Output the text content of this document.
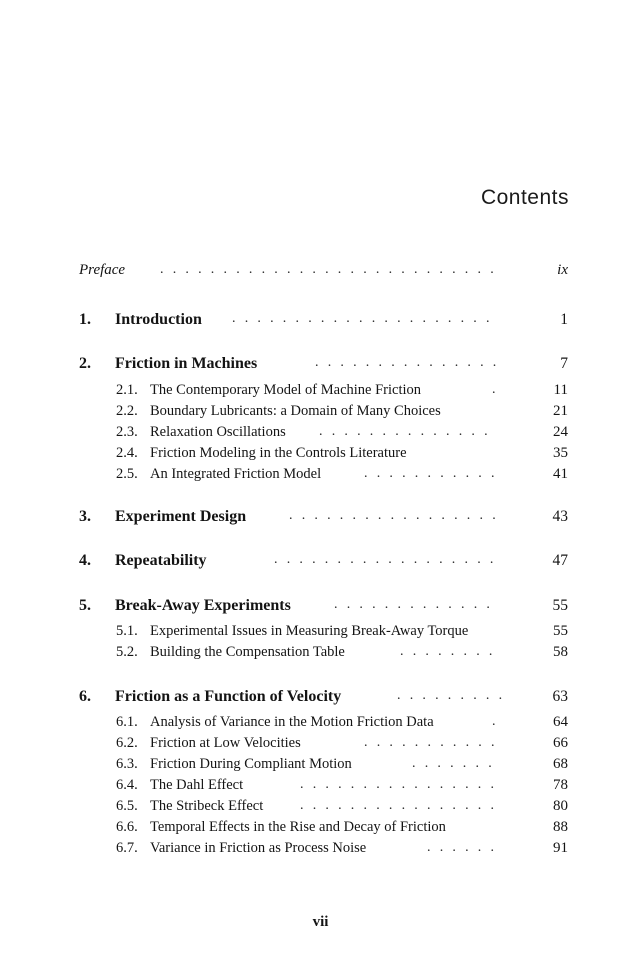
Contents
Preface ...........................	ix
1. Introduction .....................	1
2. Friction in Machines	...............	7
2.1. The Contemporary Model of Machine Friction	.	11
2.2. Boundary Lubricants: a Domain of Many Choices	21
2.3. Relaxation Oscillations ..............	24
2.4. Friction Modeling in the Controls Literature	35
2.5. An Integrated Friction Model	...........	41
3. Experiment Design	.................	43
4. Repeatability	..................	47
5. Break-Away Experiments	.............	55
5.1. Experimental Issues in Measuring Break-Away Torque	55
5.2. Building the Compensation Table	........	58
6. Friction as a Function of Velocity	.........	63
6.1. Analysis of Variance in the Motion Friction Data	.	64
6.2. Friction at Low Velocities	...........	66
6.3. Friction During Compliant Motion	.......	68
6.4. The Dahl Effect	................	78
6.5. The Stribeck Effect	................	80
6.6. Temporal Effects in the Rise and Decay of Friction	88
6.7. Variance in Friction as Process Noise	......	91
vii
